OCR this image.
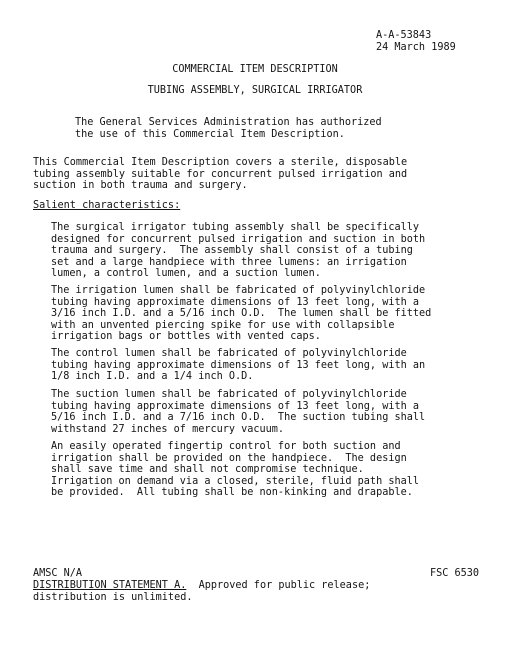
A-A-53843
24 March 1989
COMMERCIAL ITEM DESCRIPTION
TUBING ASSEMBLY, SURGICAL IRRIGATOR
The General Services Administration has authorized
the use of this Commercial Item Description.
This Commercial Item Description covers a sterile, disposable
tubing assembly suitable for concurrent pulsed irrigation and
suction in both trauma and surgery.
Salient characteristics:
The surgical irrigator tubing assembly shall be specifically
designed for concurrent pulsed irrigation and suction in both
trauma and surgery.  The assembly shall consist of a tubing
set and a large handpiece with three lumens: an irrigation
lumen, a control lumen, and a suction lumen.
The irrigation lumen shall be fabricated of polyvinylchloride
tubing having approximate dimensions of 13 feet long, with a
3/16 inch I.D. and a 5/16 inch O.D.  The lumen shall be fitted
with an unvented piercing spike for use with collapsible
irrigation bags or bottles with vented caps.
The control lumen shall be fabricated of polyvinylchloride
tubing having approximate dimensions of 13 feet long, with an
1/8 inch I.D. and a 1/4 inch O.D.
The suction lumen shall be fabricated of polyvinylchloride
tubing having approximate dimensions of 13 feet long, with a
5/16 inch I.D. and a 7/16 inch O.D.  The suction tubing shall
withstand 27 inches of mercury vacuum.
An easily operated fingertip control for both suction and
irrigation shall be provided on the handpiece.  The design
shall save time and shall not compromise technique.
Irrigation on demand via a closed, sterile, fluid path shall
be provided.  All tubing shall be non-kinking and drapable.
AMSC N/A	FSC 6530
DISTRIBUTION STATEMENT A.  Approved for public release;
distribution is unlimited.
